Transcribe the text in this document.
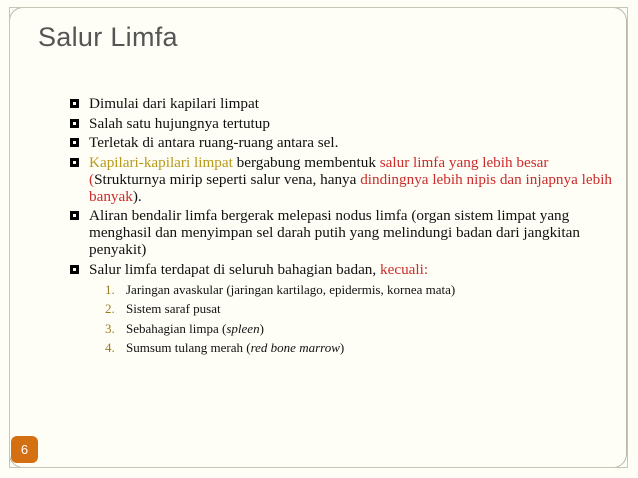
Salur Limfa
Dimulai dari kapilari limpat
Salah satu hujungnya tertutup
Terletak di antara ruang-ruang antara sel.
Kapilari-kapilari limpat bergabung membentuk salur limfa yang lebih besar (Strukturnya mirip seperti salur vena, hanya dindingnya lebih nipis dan injapnya lebih banyak).
Aliran bendalir limfa bergerak melepasi nodus limfa (organ sistem limpat yang menghasil dan menyimpan sel darah putih yang melindungi badan dari jangkitan penyakit)
Salur limfa terdapat di seluruh bahagian badan, kecuali:
1. Jaringan avaskular (jaringan kartilago, epidermis, kornea mata)
2. Sistem saraf pusat
3. Sebahagian limpa (spleen)
4. Sumsum tulang merah (red bone marrow)
6
